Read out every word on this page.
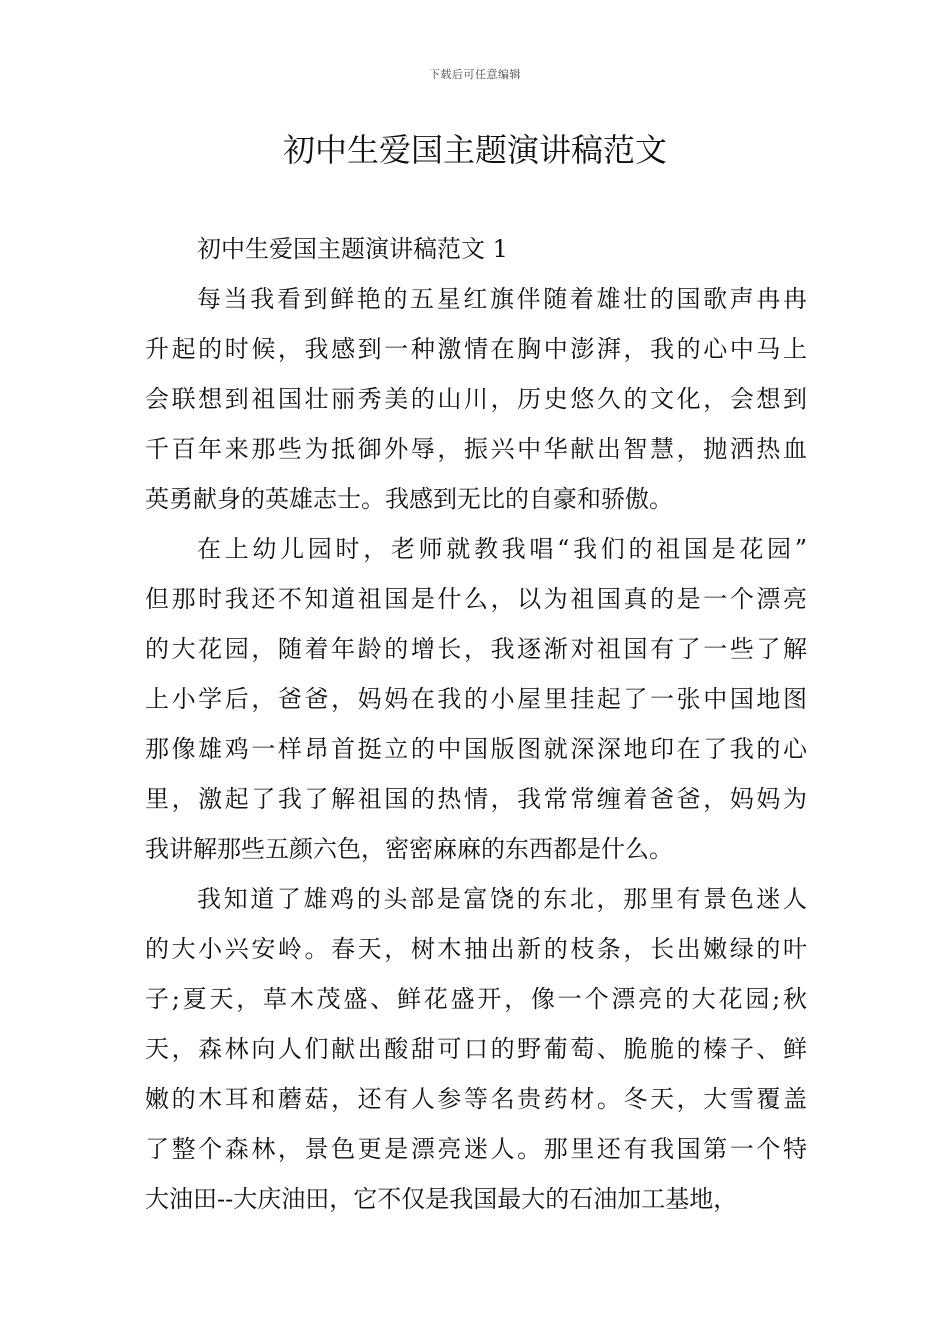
下载后可任意编辑
初中生爱国主题演讲稿范文
初中生爱国主题演讲稿范文 1
每当我看到鲜艳的五星红旗伴随着雄壮的国歌声冉冉
升起的时候，我感到一种激情在胸中澎湃，我的心中马上
会联想到祖国壮丽秀美的山川，历史悠久的文化，会想到
千百年来那些为抵御外辱，振兴中华献出智慧，抛洒热血
英勇献身的英雄志士。我感到无比的自豪和骄傲。
在上幼儿园时，老师就教我唱“我们的祖国是花园”
但那时我还不知道祖国是什么，以为祖国真的是一个漂亮
的大花园，随着年龄的增长，我逐渐对祖国有了一些了解
上小学后，爸爸，妈妈在我的小屋里挂起了一张中国地图
那像雄鸡一样昂首挺立的中国版图就深深地印在了我的心
里，激起了我了解祖国的热情，我常常缠着爸爸，妈妈为
我讲解那些五颜六色，密密麻麻的东西都是什么。
我知道了雄鸡的头部是富饶的东北，那里有景色迷人
的大小兴安岭。春天，树木抽出新的枝条，长出嫩绿的叶
子;夏天，草木茂盛、鲜花盛开，像一个漂亮的大花园;秋
天，森林向人们献出酸甜可口的野葡萄、脆脆的榛子、鲜
嫩的木耳和蘑菇，还有人参等名贵药材。冬天，大雪覆盖
了整个森林，景色更是漂亮迷人。那里还有我国第一个特
大油田--大庆油田，它不仅是我国最大的石油加工基地，
